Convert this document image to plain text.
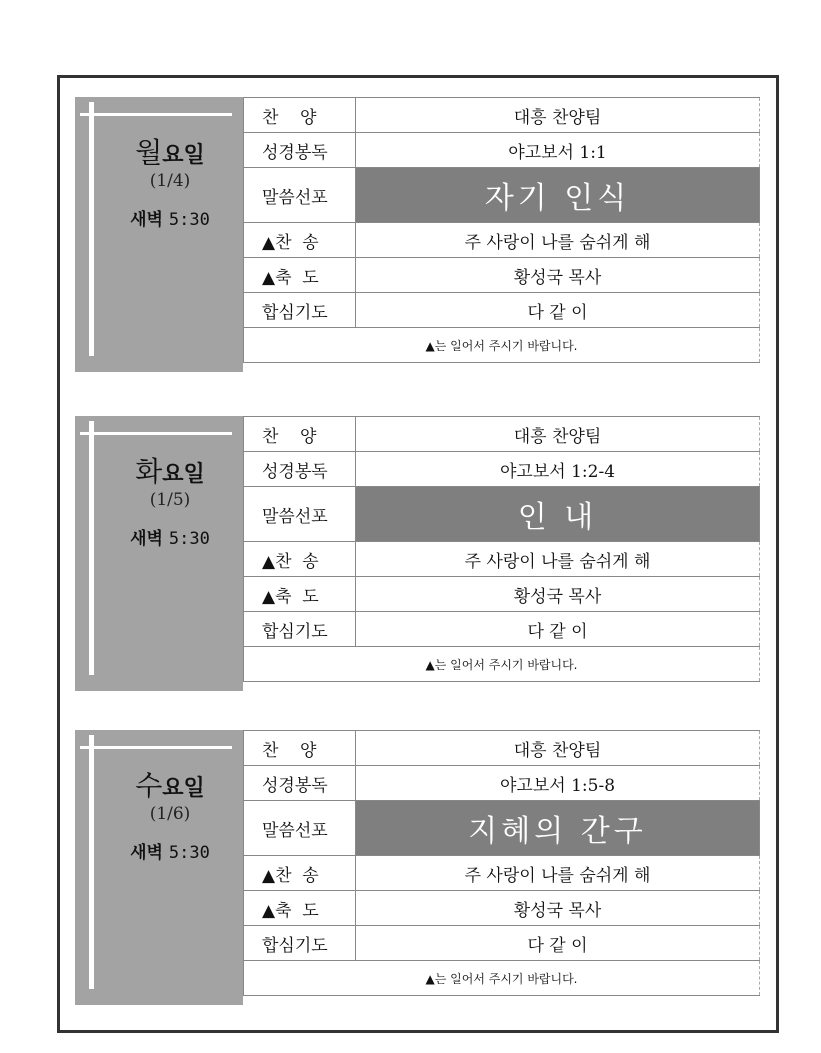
월요일
(1/4)
새벽 5:30
찬    양	대흥 찬양팀
성경봉독	야고보서 1:1
말씀선포	자기 인식
▲찬  송	주 사랑이 나를 숨쉬게 해
▲축  도	황성국 목사
합심기도	다 같 이
▲는 일어서 주시기 바랍니다.	
화요일
(1/5)
새벽 5:30
찬    양	대흥 찬양팀
성경봉독	야고보서 1:2-4
말씀선포	인 내
▲찬  송	주 사랑이 나를 숨쉬게 해
▲축  도	황성국 목사
합심기도	다 같 이
▲는 일어서 주시기 바랍니다.	
수요일
(1/6)
새벽 5:30
찬    양	대흥 찬양팀
성경봉독	야고보서 1:5-8
말씀선포	지혜의 간구
▲찬  송	주 사랑이 나를 숨쉬게 해
▲축  도	황성국 목사
합심기도	다 같 이
▲는 일어서 주시기 바랍니다.	
